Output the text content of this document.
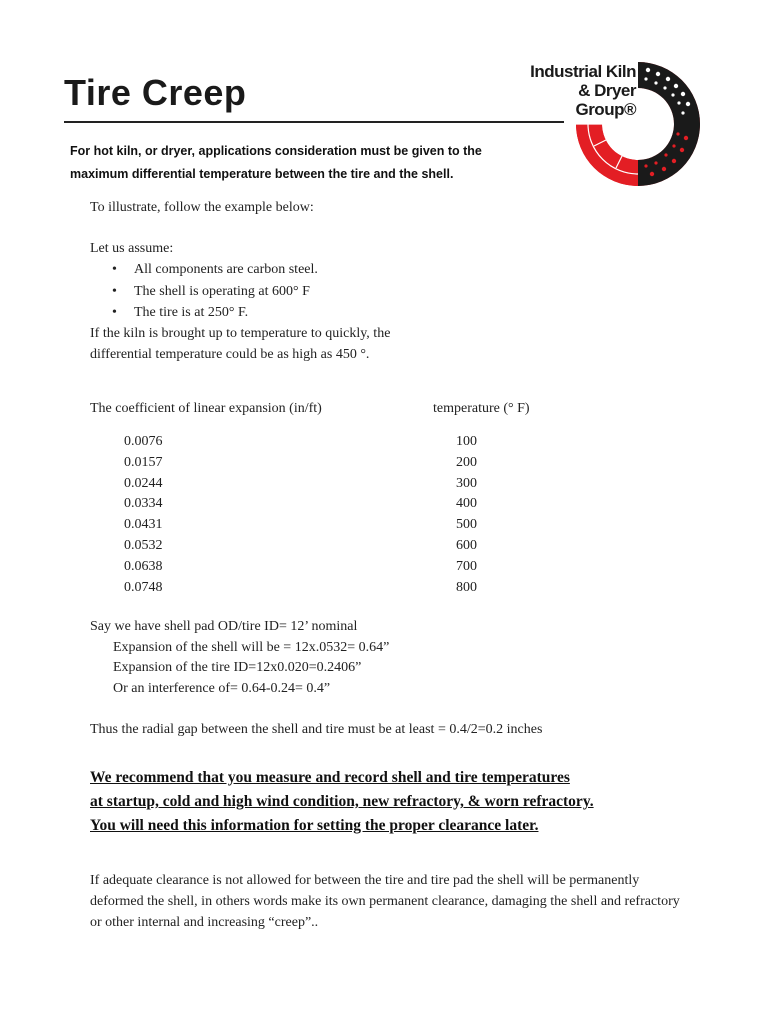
Tire Creep
Industrial Kiln
& Dryer Group®
For hot kiln, or dryer, applications consideration must be given to the
maximum differential temperature between the tire and the shell.
To illustrate, follow the example below:
Let us assume:
• All components are carbon steel.
• The shell is operating at 600° F
• The tire is at 250° F.
If the kiln is brought up to temperature to quickly, the
differential temperature could be as high as 450 °.
The coefficient of linear expansion (in/ft)	temperature (° F)
0.0076	100
0.0157	200
0.0244	300
0.0334	400
0.0431	500
0.0532	600
0.0638	700
0.0748	800
Say we have shell pad OD/tire ID= 12’ nominal
Expansion of the shell will be = 12x.0532= 0.64”
Expansion of the tire ID=12x0.020=0.2406”
Or an interference of= 0.64-0.24= 0.4”
Thus the radial gap between the shell and tire must be at least = 0.4/2=0.2 inches
We recommend that you measure and record shell and tire temperatures
at startup, cold and high wind condition, new refractory, & worn refractory.
You will need this information for setting the proper clearance later.
If adequate clearance is not allowed for between the tire and tire pad the shell will be permanently deformed the shell, in others words make its own permanent clearance, damaging the shell and refractory or other internal and increasing “creep”..
